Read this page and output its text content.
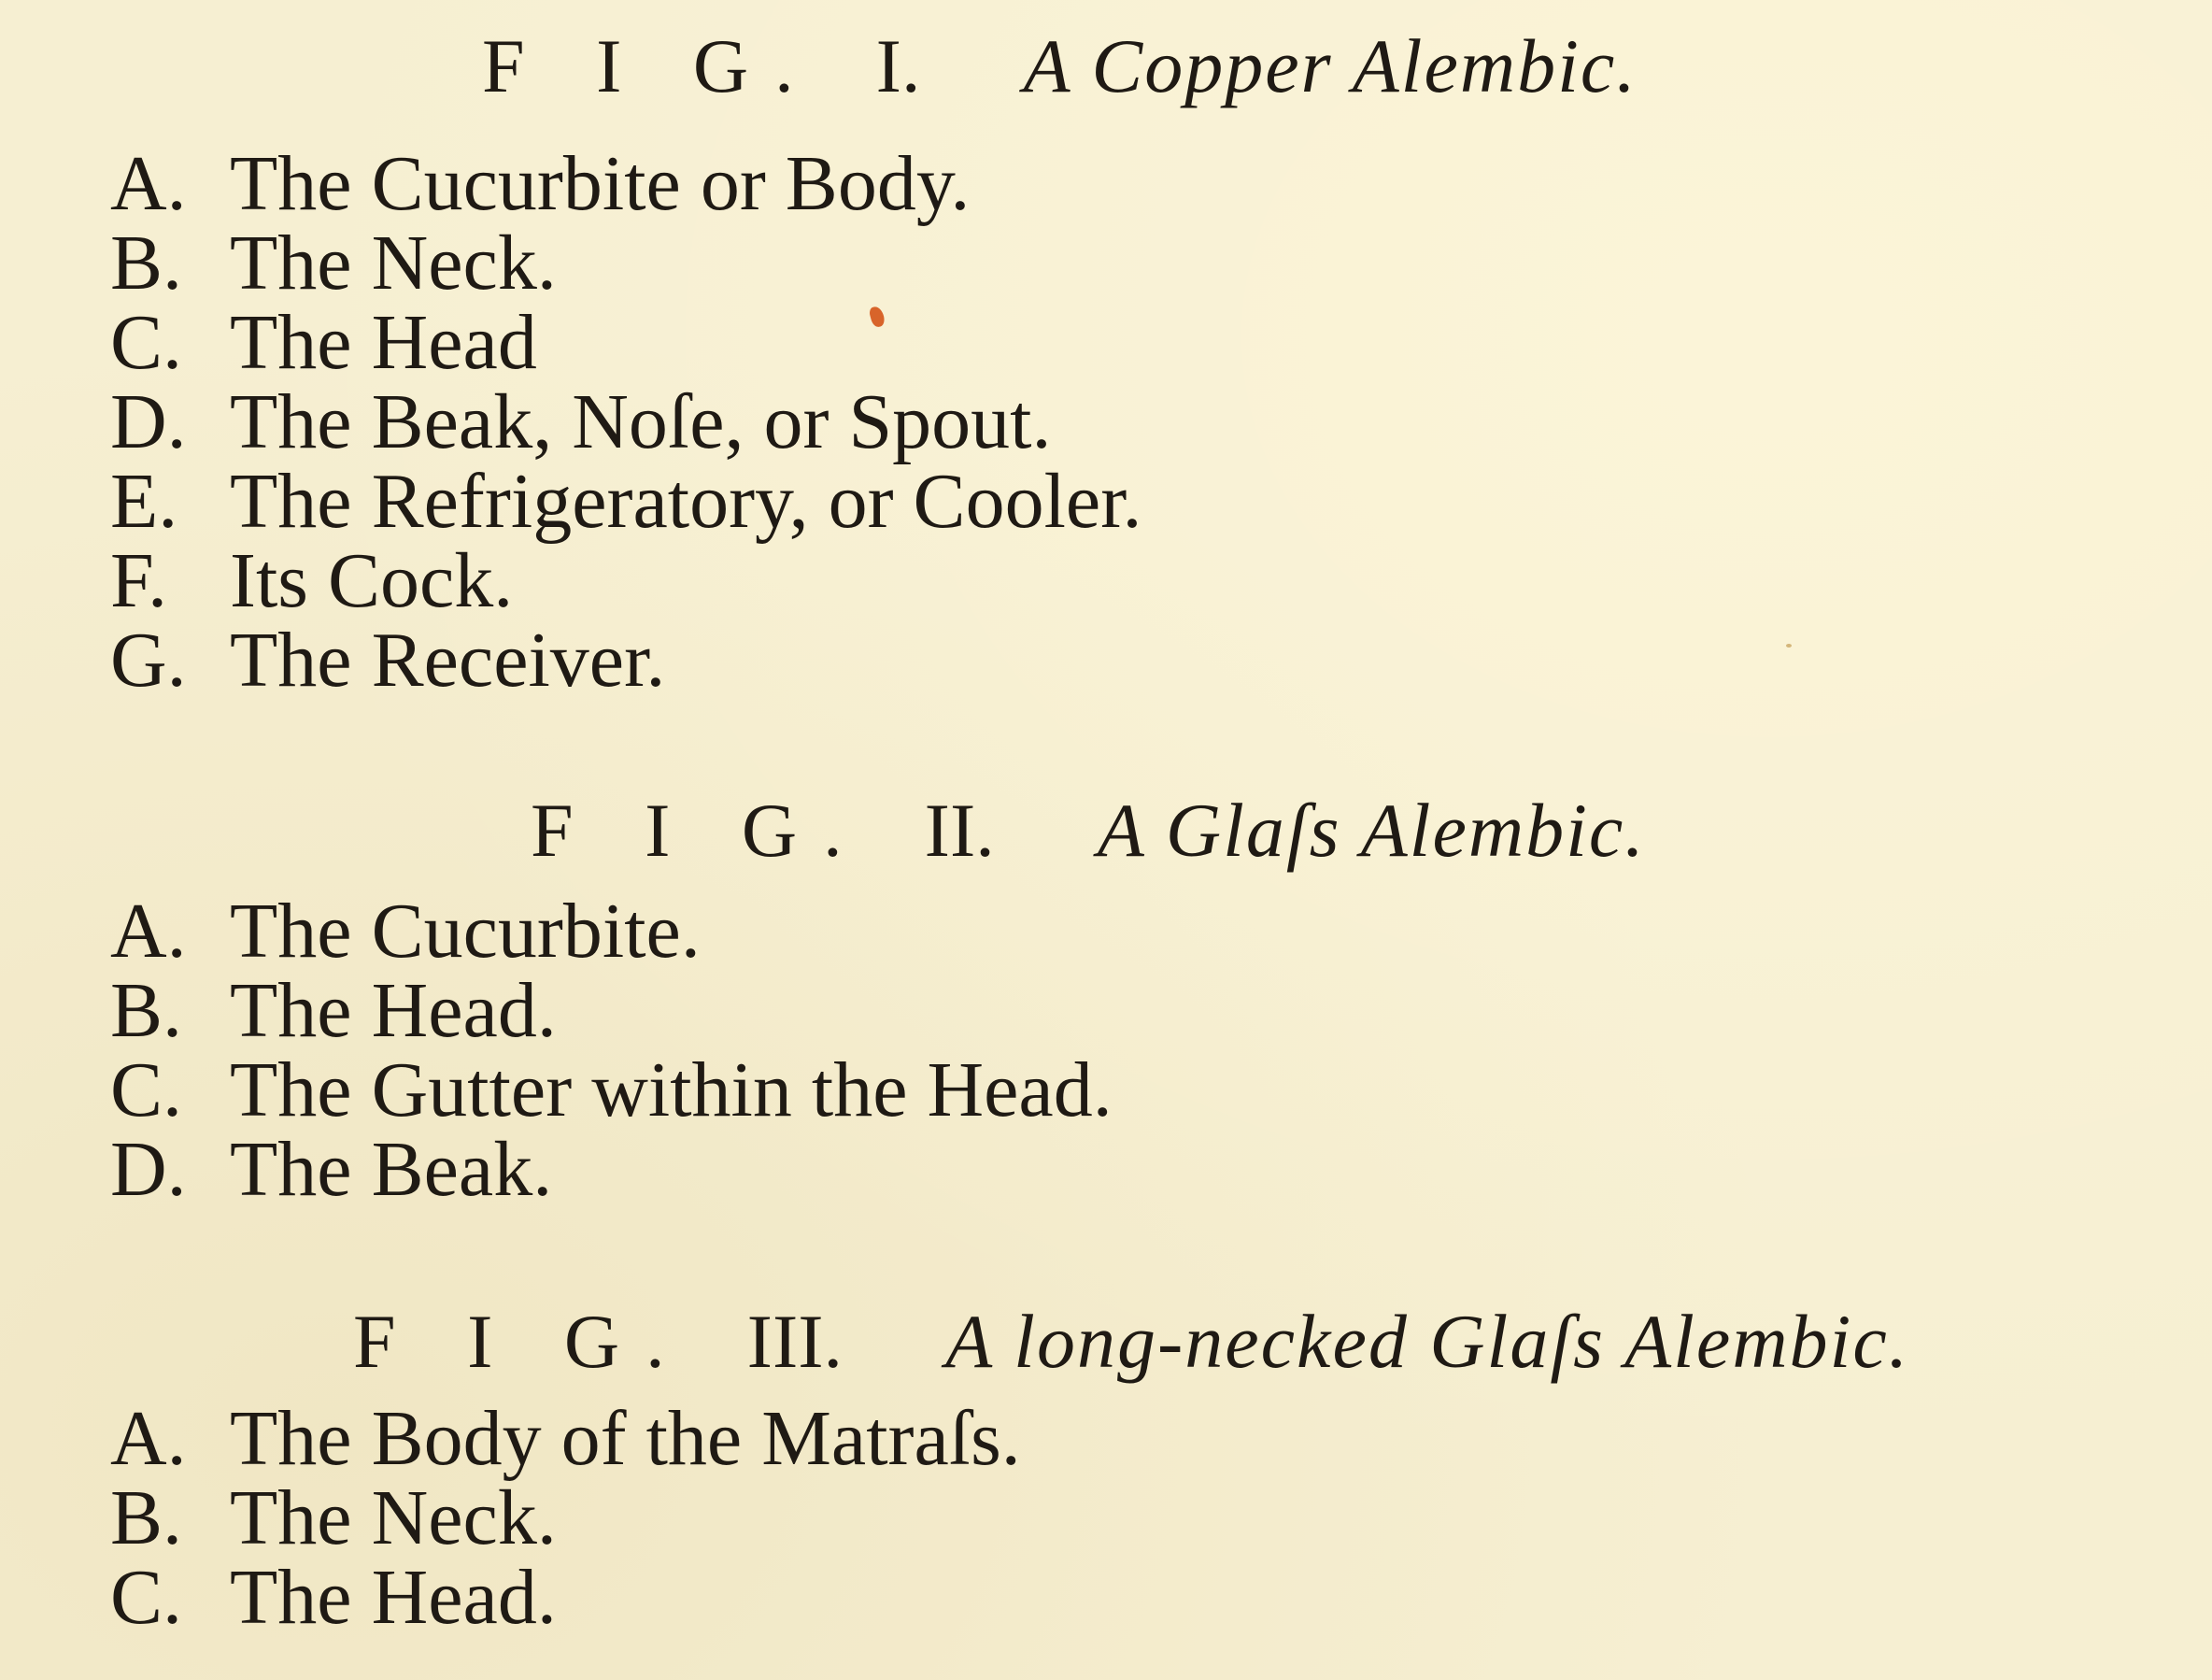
F I G. I. A Copper Alembic.
A. The Cucurbite or Body.
B. The Neck.
C. The Head
D. The Beak, Noſe, or Spout.
E. The Refrigeratory, or Cooler.
F. Its Cock.
G. The Receiver.
F I G. II. A Glaſs Alembic.
A. The Cucurbite.
B. The Head.
C. The Gutter within the Head.
D. The Beak.
F I G. III. A long-necked Glaſs Alembic.
A. The Body of the Matraſs.
B. The Neck.
C. The Head.
